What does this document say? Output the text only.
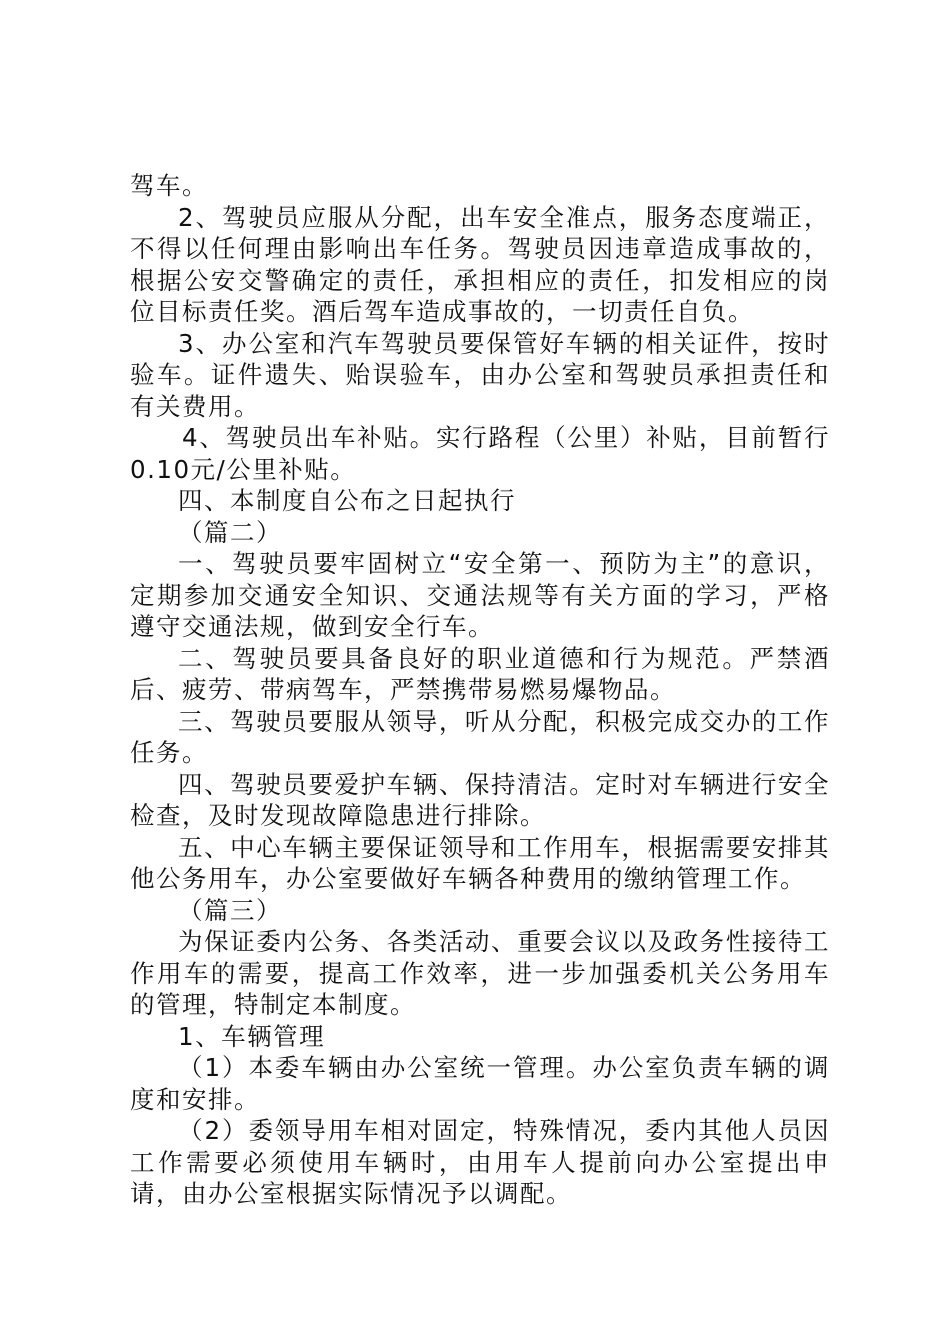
驾车。

2、驾驶员应服从分配，出车安全准点，服务态度端正，不得以任何理由影响出车任务。驾驶员因违章造成事故的，根据公安交警确定的责任，承担相应的责任，扣发相应的岗位目标责任奖。酒后驾车造成事故的，一切责任自负。

3、办公室和汽车驾驶员要保管好车辆的相关证件，按时验车。证件遗失、贻误验车，由办公室和驾驶员承担责任和有关费用。

4、驾驶员出车补贴。实行路程（公里）补贴，目前暂行0.10元/公里补贴。

四、本制度自公布之日起执行

（篇二）

一、驾驶员要牢固树立“安全第一、预防为主”的意识，定期参加交通安全知识、交通法规等有关方面的学习，严格遵守交通法规，做到安全行车。

二、驾驶员要具备良好的职业道德和行为规范。严禁酒后、疲劳、带病驾车，严禁携带易燃易爆物品。

三、驾驶员要服从领导，听从分配，积极完成交办的工作任务。

四、驾驶员要爱护车辆、保持清洁。定时对车辆进行安全检查，及时发现故障隐患进行排除。

五、中心车辆主要保证领导和工作用车，根据需要安排其他公务用车，办公室要做好车辆各种费用的缴纳管理工作。

（篇三）

为保证委内公务、各类活动、重要会议以及政务性接待工作用车的需要，提高工作效率，进一步加强委机关公务用车的管理，特制定本制度。

1、车辆管理

（1）本委车辆由办公室统一管理。办公室负责车辆的调度和安排。

（2）委领导用车相对固定，特殊情况，委内其他人员因工作需要必须使用车辆时，由用车人提前向办公室提出申请，由办公室根据实际情况予以调配。
